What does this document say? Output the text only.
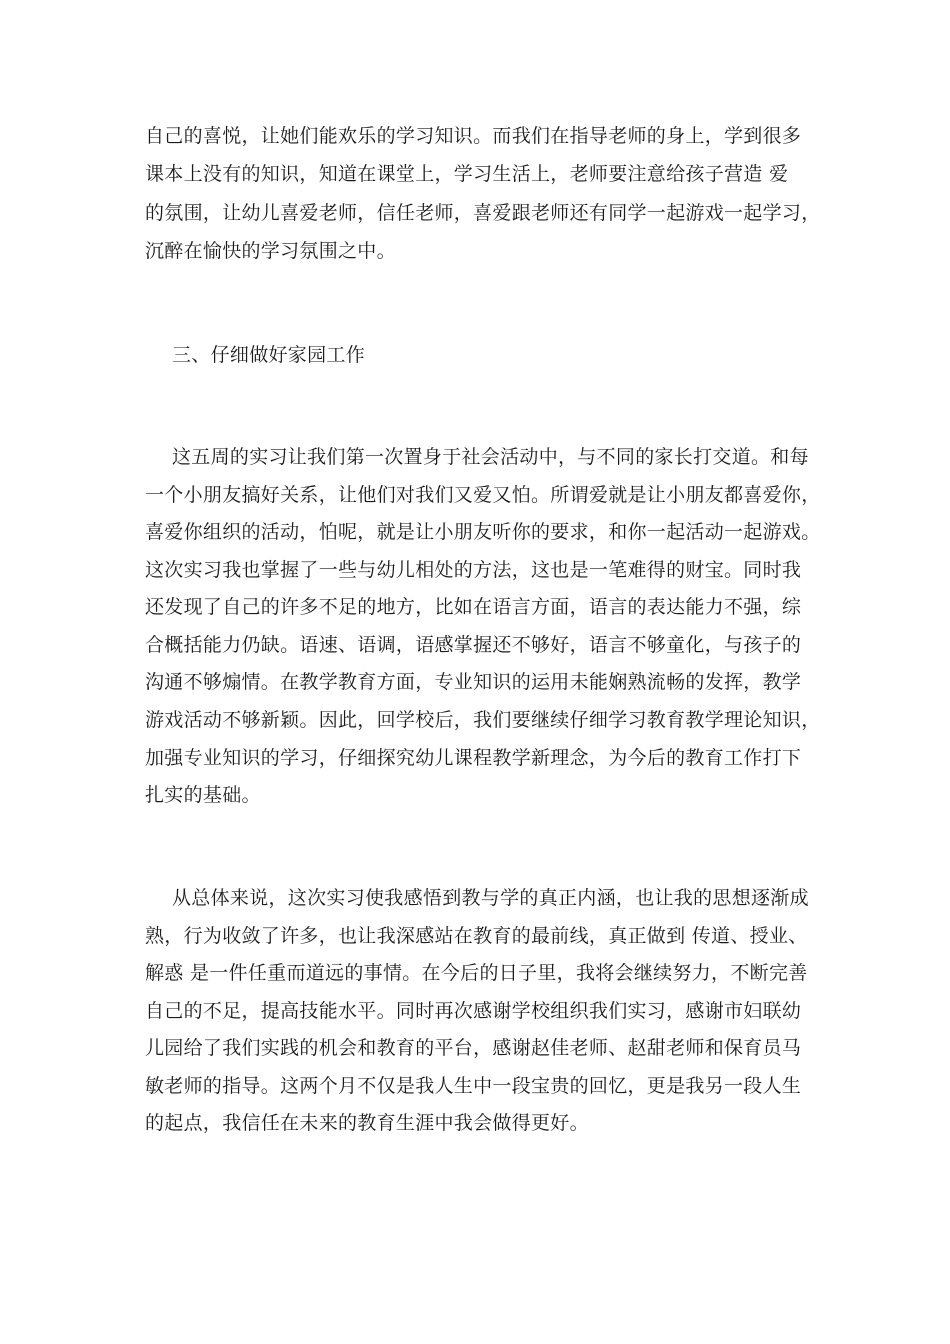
自己的喜悦，让她们能欢乐的学习知识。而我们在指导老师的身上，学到很多
课本上没有的知识，知道在课堂上，学习生活上，老师要注意给孩子营造 爱
的氛围，让幼儿喜爱老师，信任老师，喜爱跟老师还有同学一起游戏一起学习，
沉醉在愉快的学习氛围之中。
三、仔细做好家园工作
这五周的实习让我们第一次置身于社会活动中，与不同的家长打交道。和每
一个小朋友搞好关系，让他们对我们又爱又怕。所谓爱就是让小朋友都喜爱你，
喜爱你组织的活动，怕呢，就是让小朋友听你的要求，和你一起活动一起游戏。
这次实习我也掌握了一些与幼儿相处的方法，这也是一笔难得的财宝。同时我
还发现了自己的许多不足的地方，比如在语言方面，语言的表达能力不强，综
合概括能力仍缺。语速、语调，语感掌握还不够好，语言不够童化，与孩子的
沟通不够煽情。在教学教育方面，专业知识的运用未能娴熟流畅的发挥，教学
游戏活动不够新颖。因此，回学校后，我们要继续仔细学习教育教学理论知识，
加强专业知识的学习，仔细探究幼儿课程教学新理念，为今后的教育工作打下
扎实的基础。
从总体来说，这次实习使我感悟到教与学的真正内涵，也让我的思想逐渐成
熟，行为收敛了许多，也让我深感站在教育的最前线，真正做到 传道、授业、
解惑 是一件任重而道远的事情。在今后的日子里，我将会继续努力，不断完善
自己的不足，提高技能水平。同时再次感谢学校组织我们实习，感谢市妇联幼
儿园给了我们实践的机会和教育的平台，感谢赵佳老师、赵甜老师和保育员马
敏老师的指导。这两个月不仅是我人生中一段宝贵的回忆，更是我另一段人生
的起点，我信任在未来的教育生涯中我会做得更好。
